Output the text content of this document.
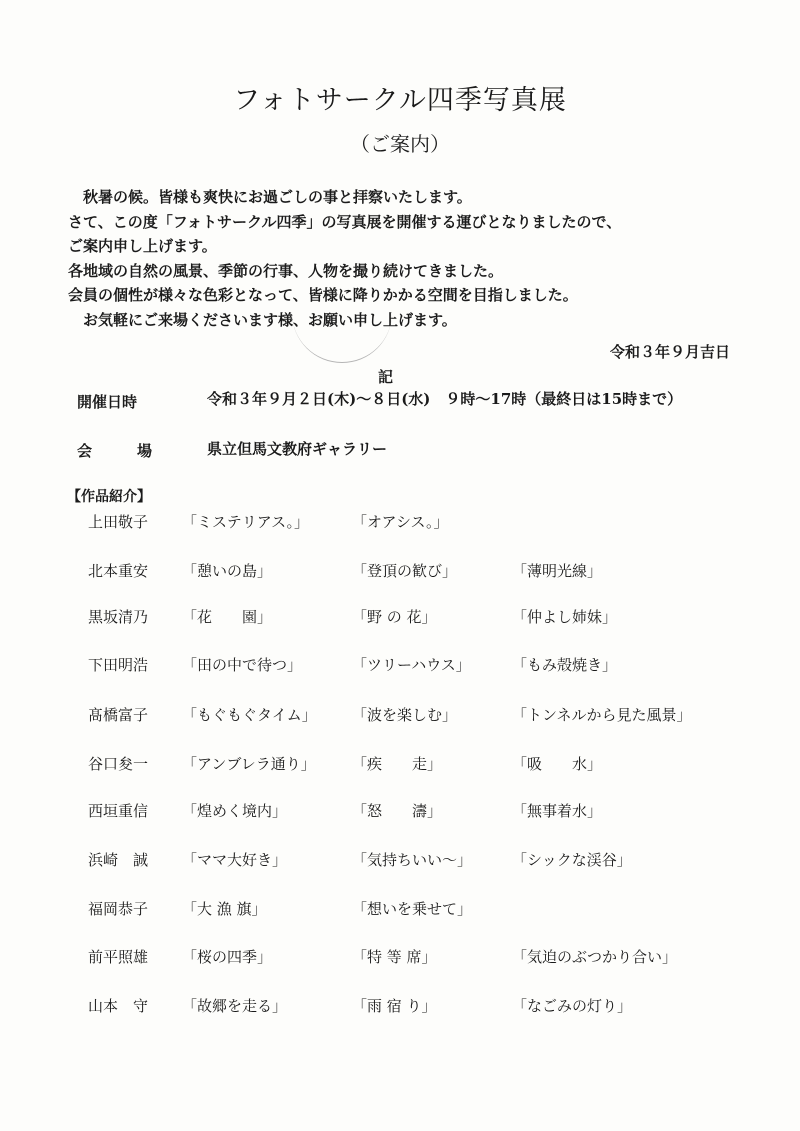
フォトサークル四季写真展
（ご案内）
秋暑の候。皆様も爽快にお過ごしの事と拝察いたします。
さて、この度「フォトサークル四季」の写真展を開催する運びとなりましたので、
ご案内申し上げます。
各地域の自然の風景、季節の行事、人物を撮り続けてきました。
会員の個性が様々な色彩となって、皆様に降りかかる空間を目指しました。
お気軽にご来場くださいます様、お願い申し上げます。
令和３年９月吉日
記
開催日時	令和３年９月２日(木)～８日(水)　９時～17時（最終日は15時まで）
会	場	県立但馬文教府ギャラリー
【作品紹介】
上田敬子 「ミステリアス。」	「オアシス。」
北本重安 「憩いの島」	「登頂の歓び」	「薄明光線」
黒坂清乃 「花　　園」	「野 の 花」	「仲よし姉妹」
下田明浩 「田の中で待つ」	「ツリーハウス」	「もみ殻焼き」
髙橋富子 「もぐもぐタイム」 「波を楽しむ」	「トンネルから見た風景」
谷口夋一 「アンブレラ通り」 「疾　　走」	「吸　　水」
西垣重信 「煌めく境内」	「怒　　濤」	「無事着水」
浜崎　誠 「ママ大好き」	「気持ちいい～」	「シックな渓谷」
福岡恭子 「大 漁 旗」	「想いを乗せて」
前平照雄 「桜の四季」	「特 等 席」	「気迫のぶつかり合い」
山本　守 「故郷を走る」	「雨 宿 り」	「なごみの灯り」
